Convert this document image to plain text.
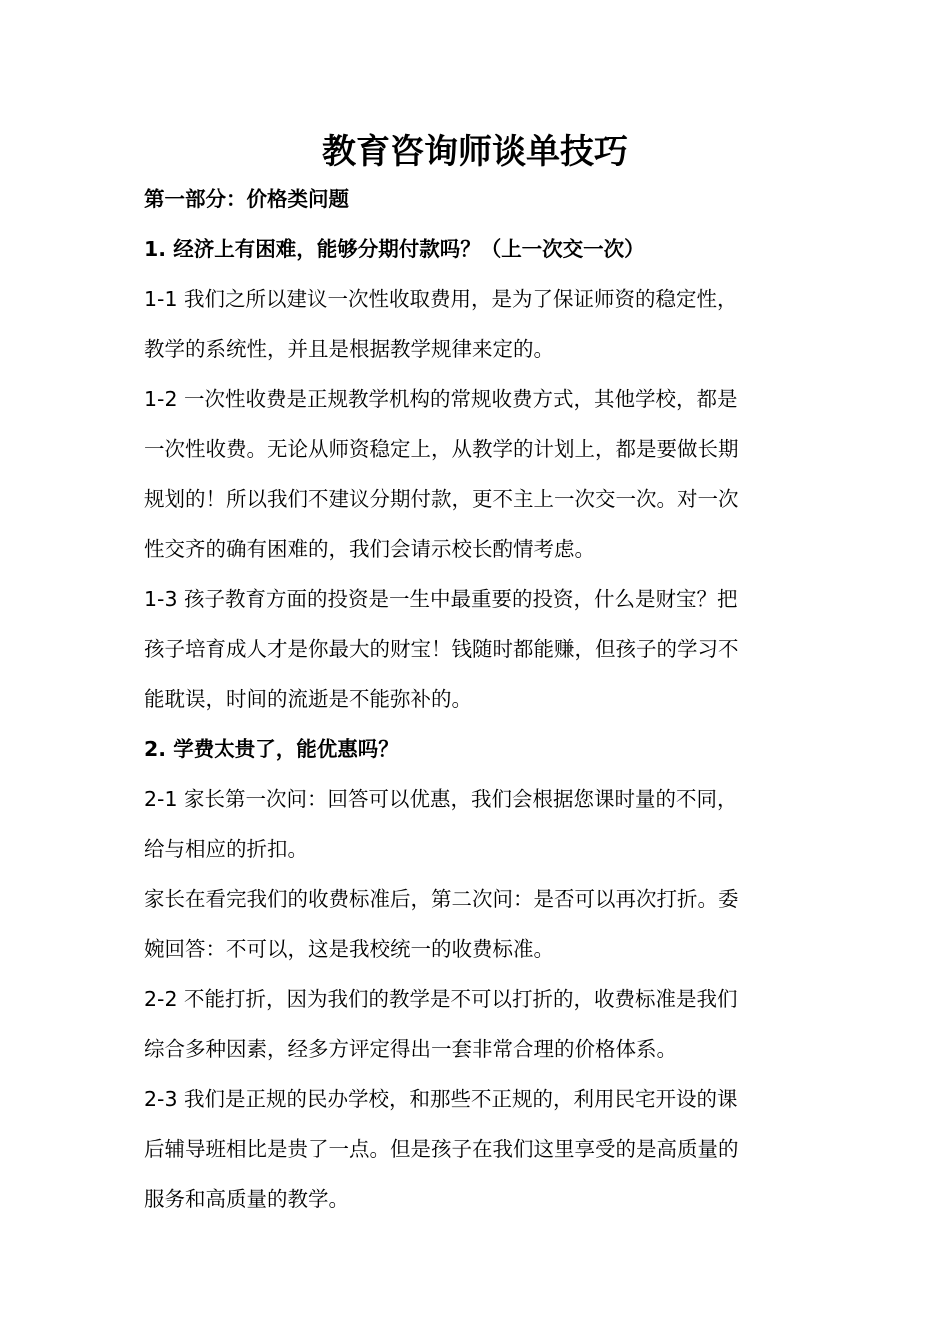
教育咨询师谈单技巧

第一部分：价格类问题

1. 经济上有困难，能够分期付款吗？（上一次交一次）

1-1 我们之所以建议一次性收取费用，是为了保证师资的稳定性，

教学的系统性，并且是根据教学规律来定的。

1-2 一次性收费是正规教学机构的常规收费方式，其他学校，都是

一次性收费。无论从师资稳定上，从教学的计划上，都是要做长期

规划的！所以我们不建议分期付款，更不主上一次交一次。对一次

性交齐的确有困难的，我们会请示校长酌情考虑。

1-3 孩子教育方面的投资是一生中最重要的投资，什么是财宝？把

孩子培育成人才是你最大的财宝！钱随时都能赚，但孩子的学习不

能耽误，时间的流逝是不能弥补的。

2. 学费太贵了，能优惠吗？

2-1 家长第一次问：回答可以优惠，我们会根据您课时量的不同，

给与相应的折扣。

家长在看完我们的收费标准后，第二次问：是否可以再次打折。委

婉回答：不可以，这是我校统一的收费标准。

2-2 不能打折，因为我们的教学是不可以打折的，收费标准是我们

综合多种因素，经多方评定得出一套非常合理的价格体系。

2-3 我们是正规的民办学校，和那些不正规的，利用民宅开设的课

后辅导班相比是贵了一点。但是孩子在我们这里享受的是高质量的

服务和高质量的教学。
